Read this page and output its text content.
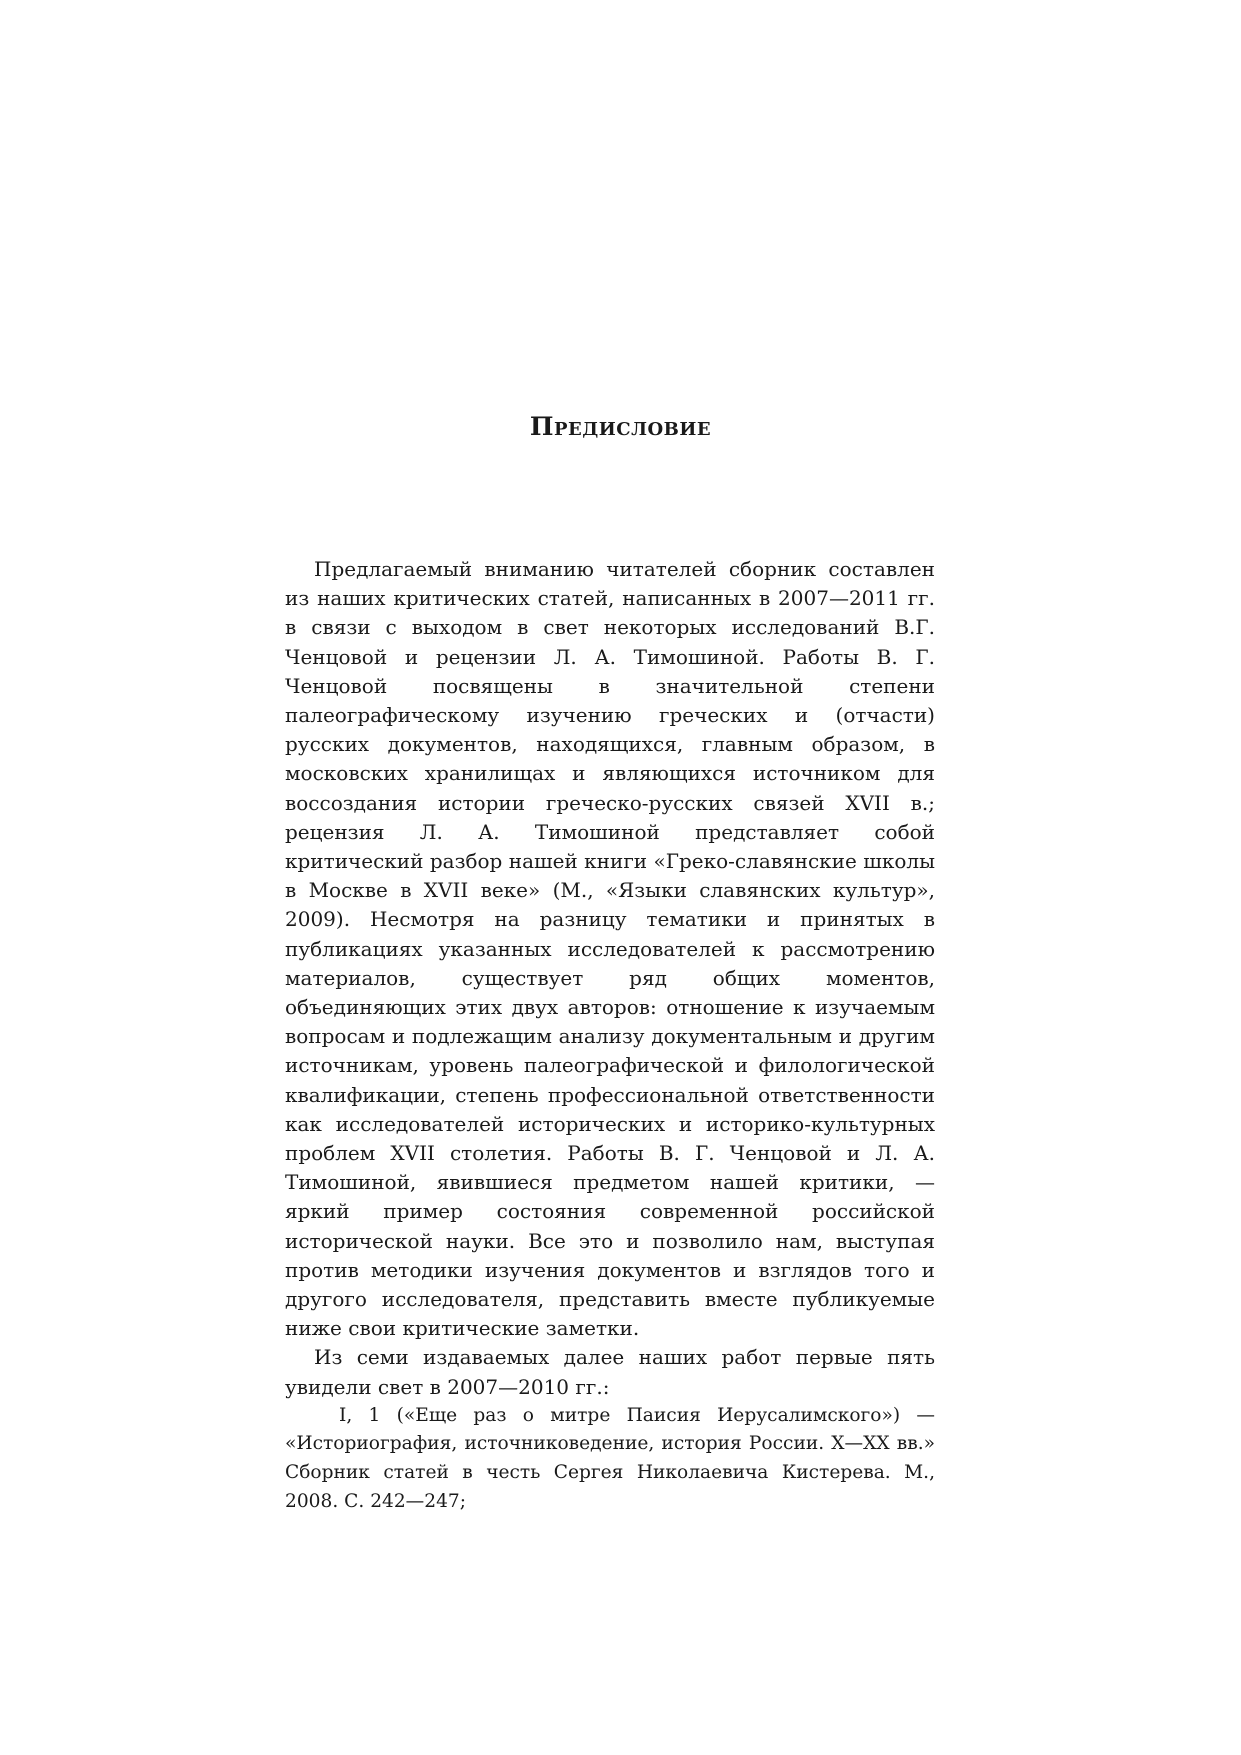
Предисловие

Предлагаемый вниманию читателей сборник составлен из наших критических статей, написанных в 2007—2011 гг. в связи с выходом в свет некоторых исследований В.Г. Ченцовой и рецензии Л. А. Тимошиной. Работы В. Г. Ченцовой посвящены в значительной степени палеографическому изучению греческих и (отчасти) русских документов, находящихся, главным образом, в московских хранилищах и являющихся источником для воссоздания истории греческо-русских связей XVII в.; рецензия Л. А. Тимошиной представляет собой критический разбор нашей книги «Греко-славянские школы в Москве в XVII веке» (М., «Языки славянских культур», 2009). Несмотря на разницу тематики и принятых в публикациях указанных исследователей к рассмотрению материалов, существует ряд общих моментов, объединяющих этих двух авторов: отношение к изучаемым вопросам и подлежащим анализу документальным и другим источникам, уровень палеографической и филологической квалификации, степень профессиональной ответственности как исследователей исторических и историко-культурных проблем XVII столетия. Работы В. Г. Ченцовой и Л. А. Тимошиной, явившиеся предметом нашей критики, — яркий пример состояния современной российской исторической науки. Все это и позволило нам, выступая против методики изучения документов и взглядов того и другого исследователя, представить вместе публикуемые ниже свои критические заметки.

Из семи издаваемых далее наших работ первые пять увидели свет в 2007—2010 гг.:

I, 1 («Еще раз о митре Паисия Иерусалимского») — «Историография, источниковедение, история России. X—XX вв.» Сборник статей в честь Сергея Николаевича Кистерева. М., 2008. С. 242—247;
